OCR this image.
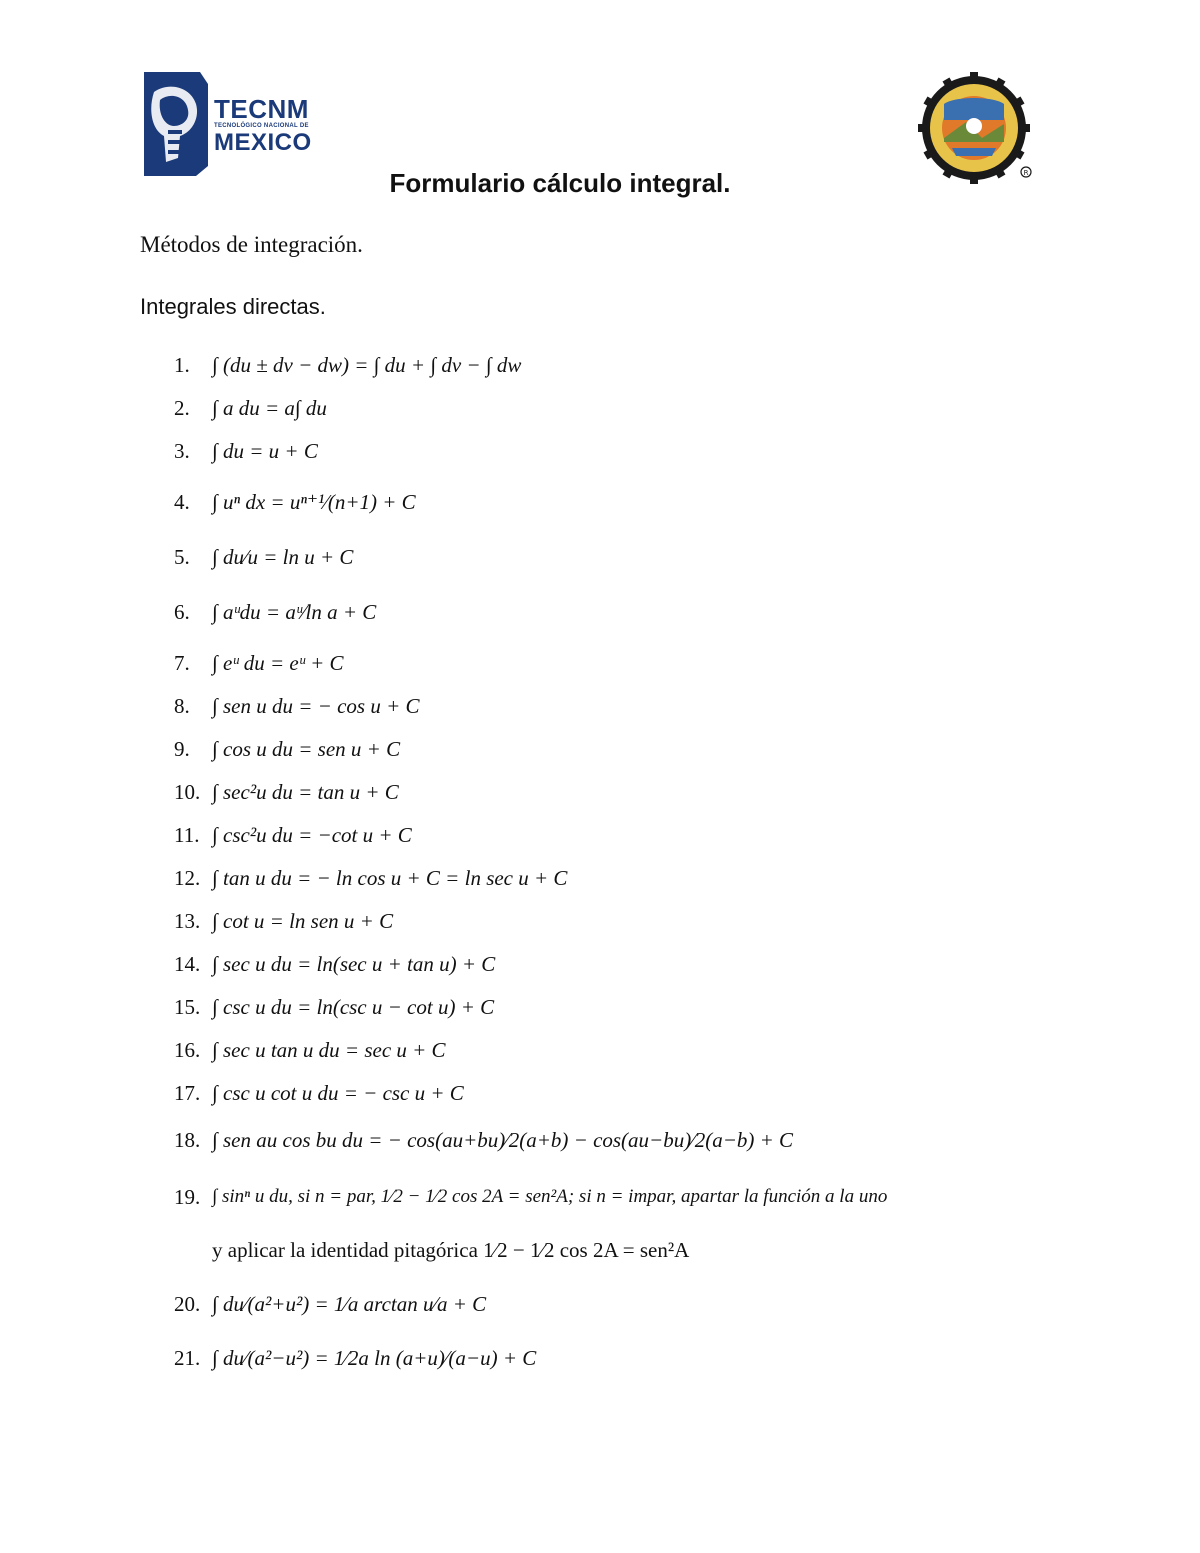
TECNM
TECNOLÓGICO NACIONAL DE
MEXICO
R
Formulario cálculo integral.
Métodos de integración.
Integrales directas.
1.	∫ (du ± dv − dw) = ∫ du + ∫ dv − ∫ dw
2.	∫ a du = a∫ du
3.	∫ du = u + C
4.	∫ uⁿ dx = uⁿ⁺¹⁄(n+1) + C
5.	∫ du⁄u = ln u + C
6.	∫ aᵘdu = aᵘ⁄ln a + C
7.	∫ eᵘ du = eᵘ + C
8.	∫ sen u du = − cos u + C
9.	∫ cos u du = sen u + C
10. ∫ sec²u du = tan u + C
11. ∫ csc²u du = −cot u + C
12. ∫ tan u du = − ln cos u + C = ln sec u + C
13. ∫ cot u = ln sen u + C
14. ∫ sec u du = ln(sec u + tan u) + C
15. ∫ csc u du = ln(csc u − cot u) + C
16. ∫ sec u tan u du = sec u + C
17. ∫ csc u cot u du = − csc u + C
18. ∫ sen au cos bu du = − cos(au+bu)⁄2(a+b) − cos(au−bu)⁄2(a−b) + C
19. ∫ sinⁿ u du, si n = par, 1⁄2 − 1⁄2 cos 2A = sen²A; si n = impar, apartar la función a la uno
y aplicar la identidad pitagórica 1⁄2 − 1⁄2 cos 2A = sen²A
20. ∫ du⁄(a²+u²) = 1⁄a arctan u⁄a + C
21. ∫ du⁄(a²−u²) = 1⁄2a ln (a+u)⁄(a−u) + C
